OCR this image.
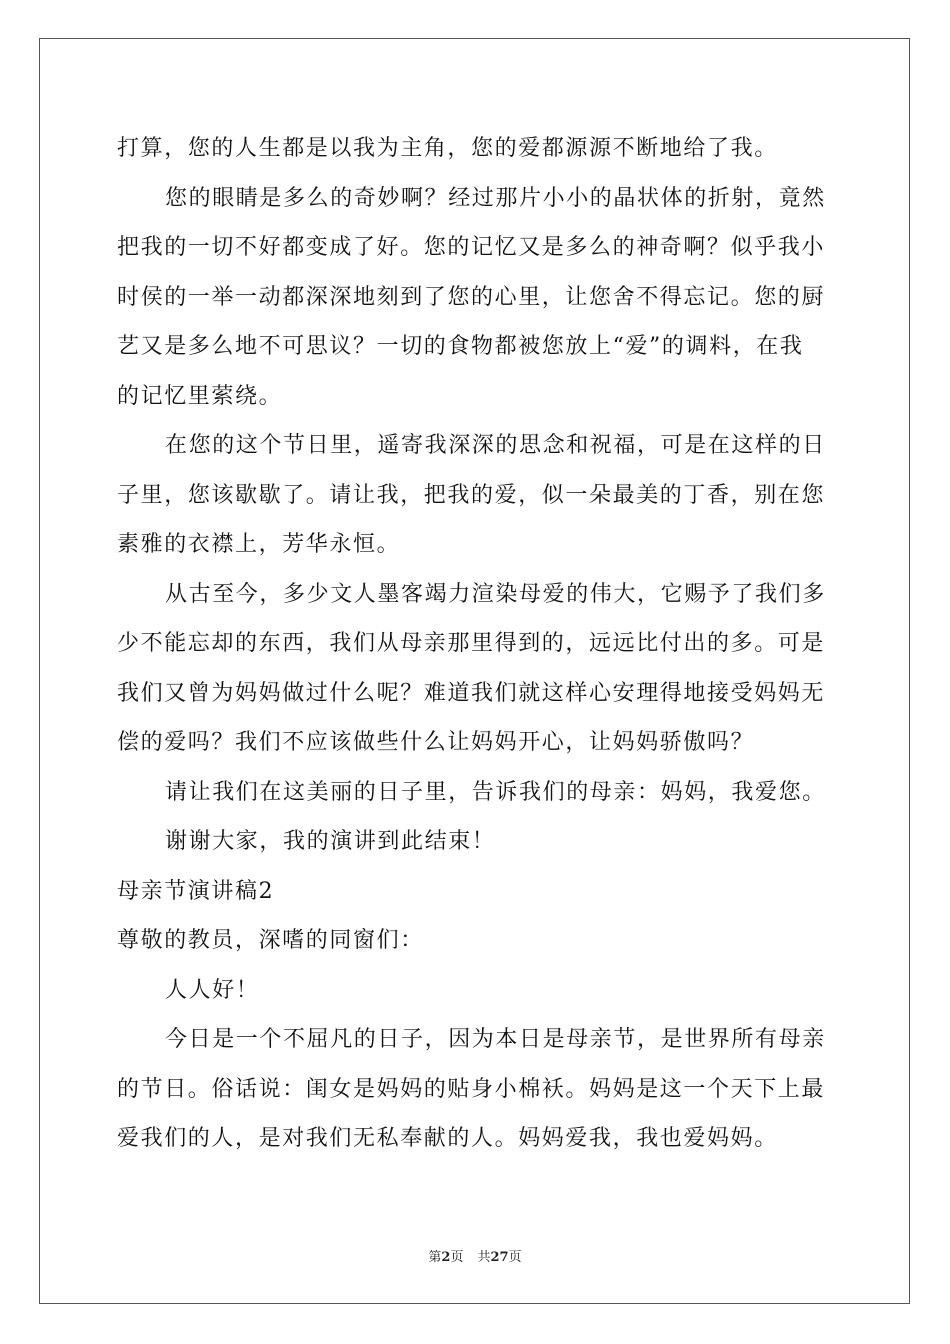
打算，您的人生都是以我为主角，您的爱都源源不断地给了我。
您的眼睛是多么的奇妙啊？经过那片小小的晶状体的折射，竟然
把我的一切不好都变成了好。您的记忆又是多么的神奇啊？似乎我小
时侯的一举一动都深深地刻到了您的心里，让您舍不得忘记。您的厨
艺又是多么地不可思议？一切的食物都被您放上“爱”的调料，在我
的记忆里萦绕。
在您的这个节日里，遥寄我深深的思念和祝福，可是在这样的日
子里，您该歇歇了。请让我，把我的爱，似一朵最美的丁香，别在您
素雅的衣襟上，芳华永恒。
从古至今，多少文人墨客竭力渲染母爱的伟大，它赐予了我们多
少不能忘却的东西，我们从母亲那里得到的，远远比付出的多。可是
我们又曾为妈妈做过什么呢？难道我们就这样心安理得地接受妈妈无
偿的爱吗？我们不应该做些什么让妈妈开心，让妈妈骄傲吗？
请让我们在这美丽的日子里，告诉我们的母亲：妈妈，我爱您。
谢谢大家，我的演讲到此结束！
母亲节演讲稿2
尊敬的教员，深嗜的同窗们：
人人好！
今日是一个不屈凡的日子，因为本日是母亲节，是世界所有母亲
的节日。俗话说：闺女是妈妈的贴身小棉袄。妈妈是这一个天下上最
爱我们的人，是对我们无私奉献的人。妈妈爱我，我也爱妈妈。
第2页 共27页
